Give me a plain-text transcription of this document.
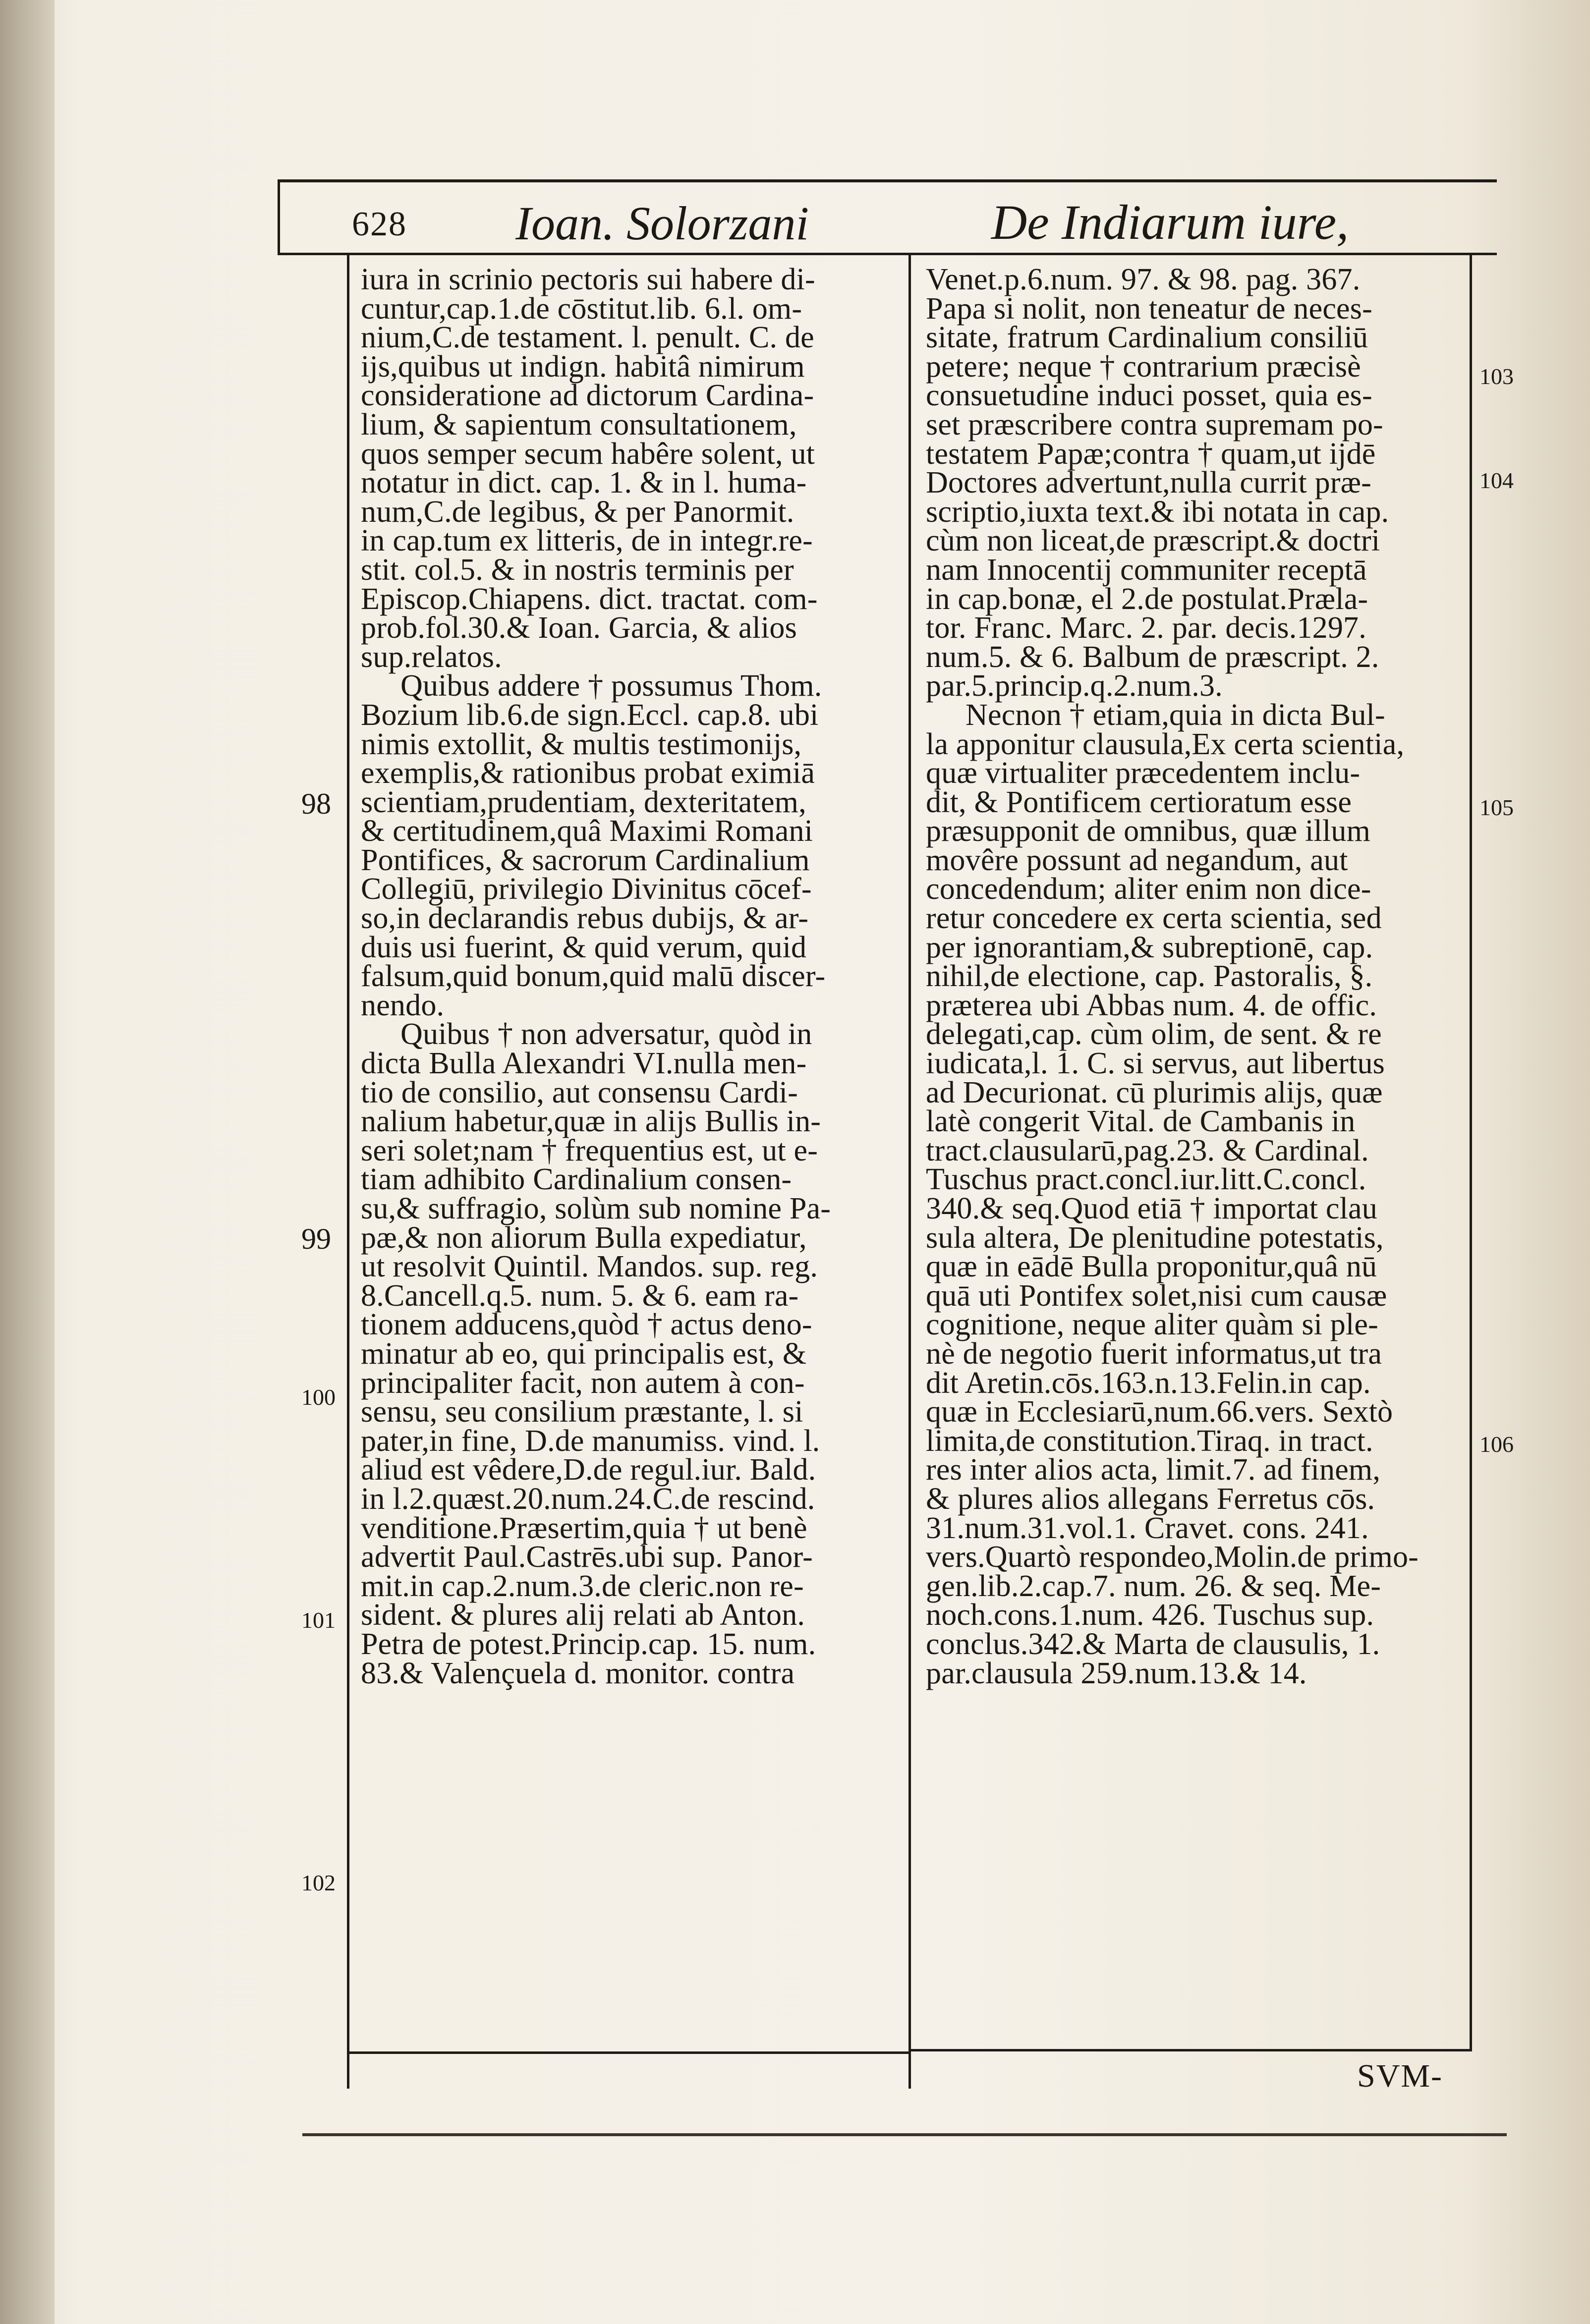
628 Ioan. Solorzani	De Indiarum iure,
iura in scrinio pectoris sui habere di-
cuntur,cap.1.de cōstitut.lib. 6.l. om-
nium,C.de testament. l. penult. C. de
ijs,quibus ut indign. habitâ nimirum
consideratione ad dictorum Cardina-
lium, & sapientum consultationem,
quos semper secum habêre solent, ut
notatur in dict. cap. 1. & in l. huma-
num,C.de legibus, & per Panormit.
in cap.tum ex litteris, de in integr.re-
stit. col.5. & in nostris terminis per
Episcop.Chiapens. dict. tractat. com-
prob.fol.30.& Ioan. Garcia, & alios
sup.relatos.
Quibus addere † possumus Thom.
Bozium lib.6.de sign.Eccl. cap.8. ubi
nimis extollit, & multis testimonijs,
exemplis,& rationibus probat eximiā
scientiam,prudentiam, dexteritatem,
& certitudinem,quâ Maximi Romani
Pontifices, & sacrorum Cardinalium
Collegiū, privilegio Divinitus cōcef-
so,in declarandis rebus dubijs, & ar-
duis usi fuerint, & quid verum, quid
falsum,quid bonum,quid malū discer-
nendo.
Quibus † non adversatur, quòd in
dicta Bulla Alexandri VI.nulla men-
tio de consilio, aut consensu Cardi-
nalium habetur,quæ in alijs Bullis in-
seri solet;nam † frequentius est, ut e-
tiam adhibito Cardinalium consen-
su,& suffragio, solùm sub nomine Pa-
pæ,& non aliorum Bulla expediatur,
ut resolvit Quintil. Mandos. sup. reg.
8.Cancell.q.5. num. 5. & 6. eam ra-
tionem adducens,quòd † actus deno-
minatur ab eo, qui principalis est, &
principaliter facit, non autem à con-
sensu, seu consilium præstante, l. si
pater,in fine, D.de manumiss. vind. l.
aliud est vêdere,D.de regul.iur. Bald.
in l.2.quæst.20.num.24.C.de rescind.
venditione.Præsertim,quia † ut benè
advertit Paul.Castrēs.ubi sup. Panor-
mit.in cap.2.num.3.de cleric.non re-
sident. & plures alij relati ab Anton.
Petra de potest.Princip.cap. 15. num.
83.& Valençuela d. monitor. contra
Venet.p.6.num. 97. & 98. pag. 367.
Papa si nolit, non teneatur de neces-
sitate, fratrum Cardinalium consiliū
petere; neque † contrarium præcisè
consuetudine induci posset, quia es-
set præscribere contra supremam po-
testatem Papæ;contra † quam,ut ijdē
Doctores advertunt,nulla currit præ-
scriptio,iuxta text.& ibi notata in cap.
cùm non liceat,de præscript.& doctri
nam Innocentij communiter receptā
in cap.bonæ, el 2.de postulat.Præla-
tor. Franc. Marc. 2. par. decis.1297.
num.5. & 6. Balbum de præscript. 2.
par.5.princip.q.2.num.3.
Necnon † etiam,quia in dicta Bul-
la apponitur clausula,Ex certa scientia,
quæ virtualiter præcedentem inclu-
dit, & Pontificem certioratum esse
præsupponit de omnibus, quæ illum
movêre possunt ad negandum, aut
concedendum; aliter enim non dice-
retur concedere ex certa scientia, sed
per ignorantiam,& subreptionē, cap.
nihil,de electione, cap. Pastoralis, §.
præterea ubi Abbas num. 4. de offic.
delegati,cap. cùm olim, de sent. & re
iudicata,l. 1. C. si servus, aut libertus
ad Decurionat. cū plurimis alijs, quæ
latè congerit Vital. de Cambanis in
tract.clausularū,pag.23. & Cardinal.
Tuschus pract.concl.iur.litt.C.concl.
340.& seq.Quod etiā † importat clau
sula altera, De plenitudine potestatis,
quæ in eādē Bulla proponitur,quâ nū
quā uti Pontifex solet,nisi cum causæ
cognitione, neque aliter quàm si ple-
nè de negotio fuerit informatus,ut tra
dit Aretin.cōs.163.n.13.Felin.in cap.
quæ in Ecclesiarū,num.66.vers. Sextò
limita,de constitution.Tiraq. in tract.
res inter alios acta, limit.7. ad finem,
& plures alios allegans Ferretus cōs.
31.num.31.vol.1. Cravet. cons. 241.
vers.Quartò respondeo,Molin.de primo-
gen.lib.2.cap.7. num. 26. & seq. Me-
noch.cons.1.num. 426. Tuschus sup.
conclus.342.& Marta de clausulis, 1.
par.clausula 259.num.13.& 14.
98
99
100
101
102
103
104
105
106
SVM-
